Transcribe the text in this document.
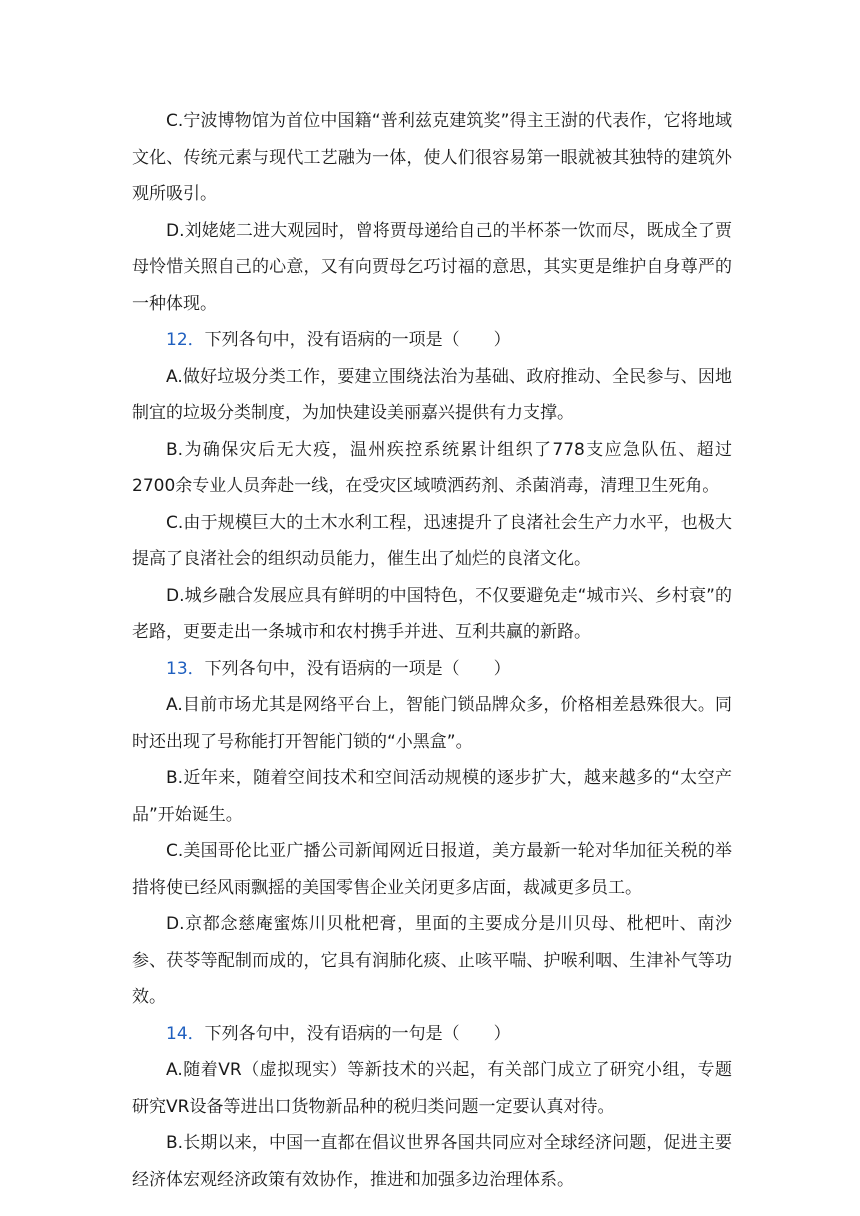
C.宁波博物馆为首位中国籍“普利兹克建筑奖”得主王澍的代表作，它将地域文化、传统元素与现代工艺融为一体，使人们很容易第一眼就被其独特的建筑外观所吸引。

D.刘姥姥二进大观园时，曾将贾母递给自己的半杯茶一饮而尽，既成全了贾母怜惜关照自己的心意，又有向贾母乞巧讨福的意思，其实更是维护自身尊严的一种体现。

12．下列各句中，没有语病的一项是（　　）

A.做好垃圾分类工作，要建立围绕法治为基础、政府推动、全民参与、因地制宜的垃圾分类制度，为加快建设美丽嘉兴提供有力支撑。

B.为确保灾后无大疫，温州疾控系统累计组织了778支应急队伍、超过2700余专业人员奔赴一线，在受灾区域喷洒药剂、杀菌消毒，清理卫生死角。

C.由于规模巨大的土木水利工程，迅速提升了良渚社会生产力水平，也极大提高了良渚社会的组织动员能力，催生出了灿烂的良渚文化。

D.城乡融合发展应具有鲜明的中国特色，不仅要避免走“城市兴、乡村衰”的老路，更要走出一条城市和农村携手并进、互利共赢的新路。

13．下列各句中，没有语病的一项是（　　）

A.目前市场尤其是网络平台上，智能门锁品牌众多，价格相差悬殊很大。同时还出现了号称能打开智能门锁的“小黑盒”。

B.近年来，随着空间技术和空间活动规模的逐步扩大，越来越多的“太空产品”开始诞生。

C.美国哥伦比亚广播公司新闻网近日报道，美方最新一轮对华加征关税的举措将使已经风雨飘摇的美国零售企业关闭更多店面，裁减更多员工。

D.京都念慈庵蜜炼川贝枇杷膏，里面的主要成分是川贝母、枇杷叶、南沙参、茯苓等配制而成的，它具有润肺化痰、止咳平喘、护喉利咽、生津补气等功效。

14．下列各句中，没有语病的一句是（　　）

A.随着VR（虚拟现实）等新技术的兴起，有关部门成立了研究小组，专题研究VR设备等进出口货物新品种的税归类问题一定要认真对待。

B.长期以来，中国一直都在倡议世界各国共同应对全球经济问题，促进主要经济体宏观经济政策有效协作，推进和加强多边治理体系。
